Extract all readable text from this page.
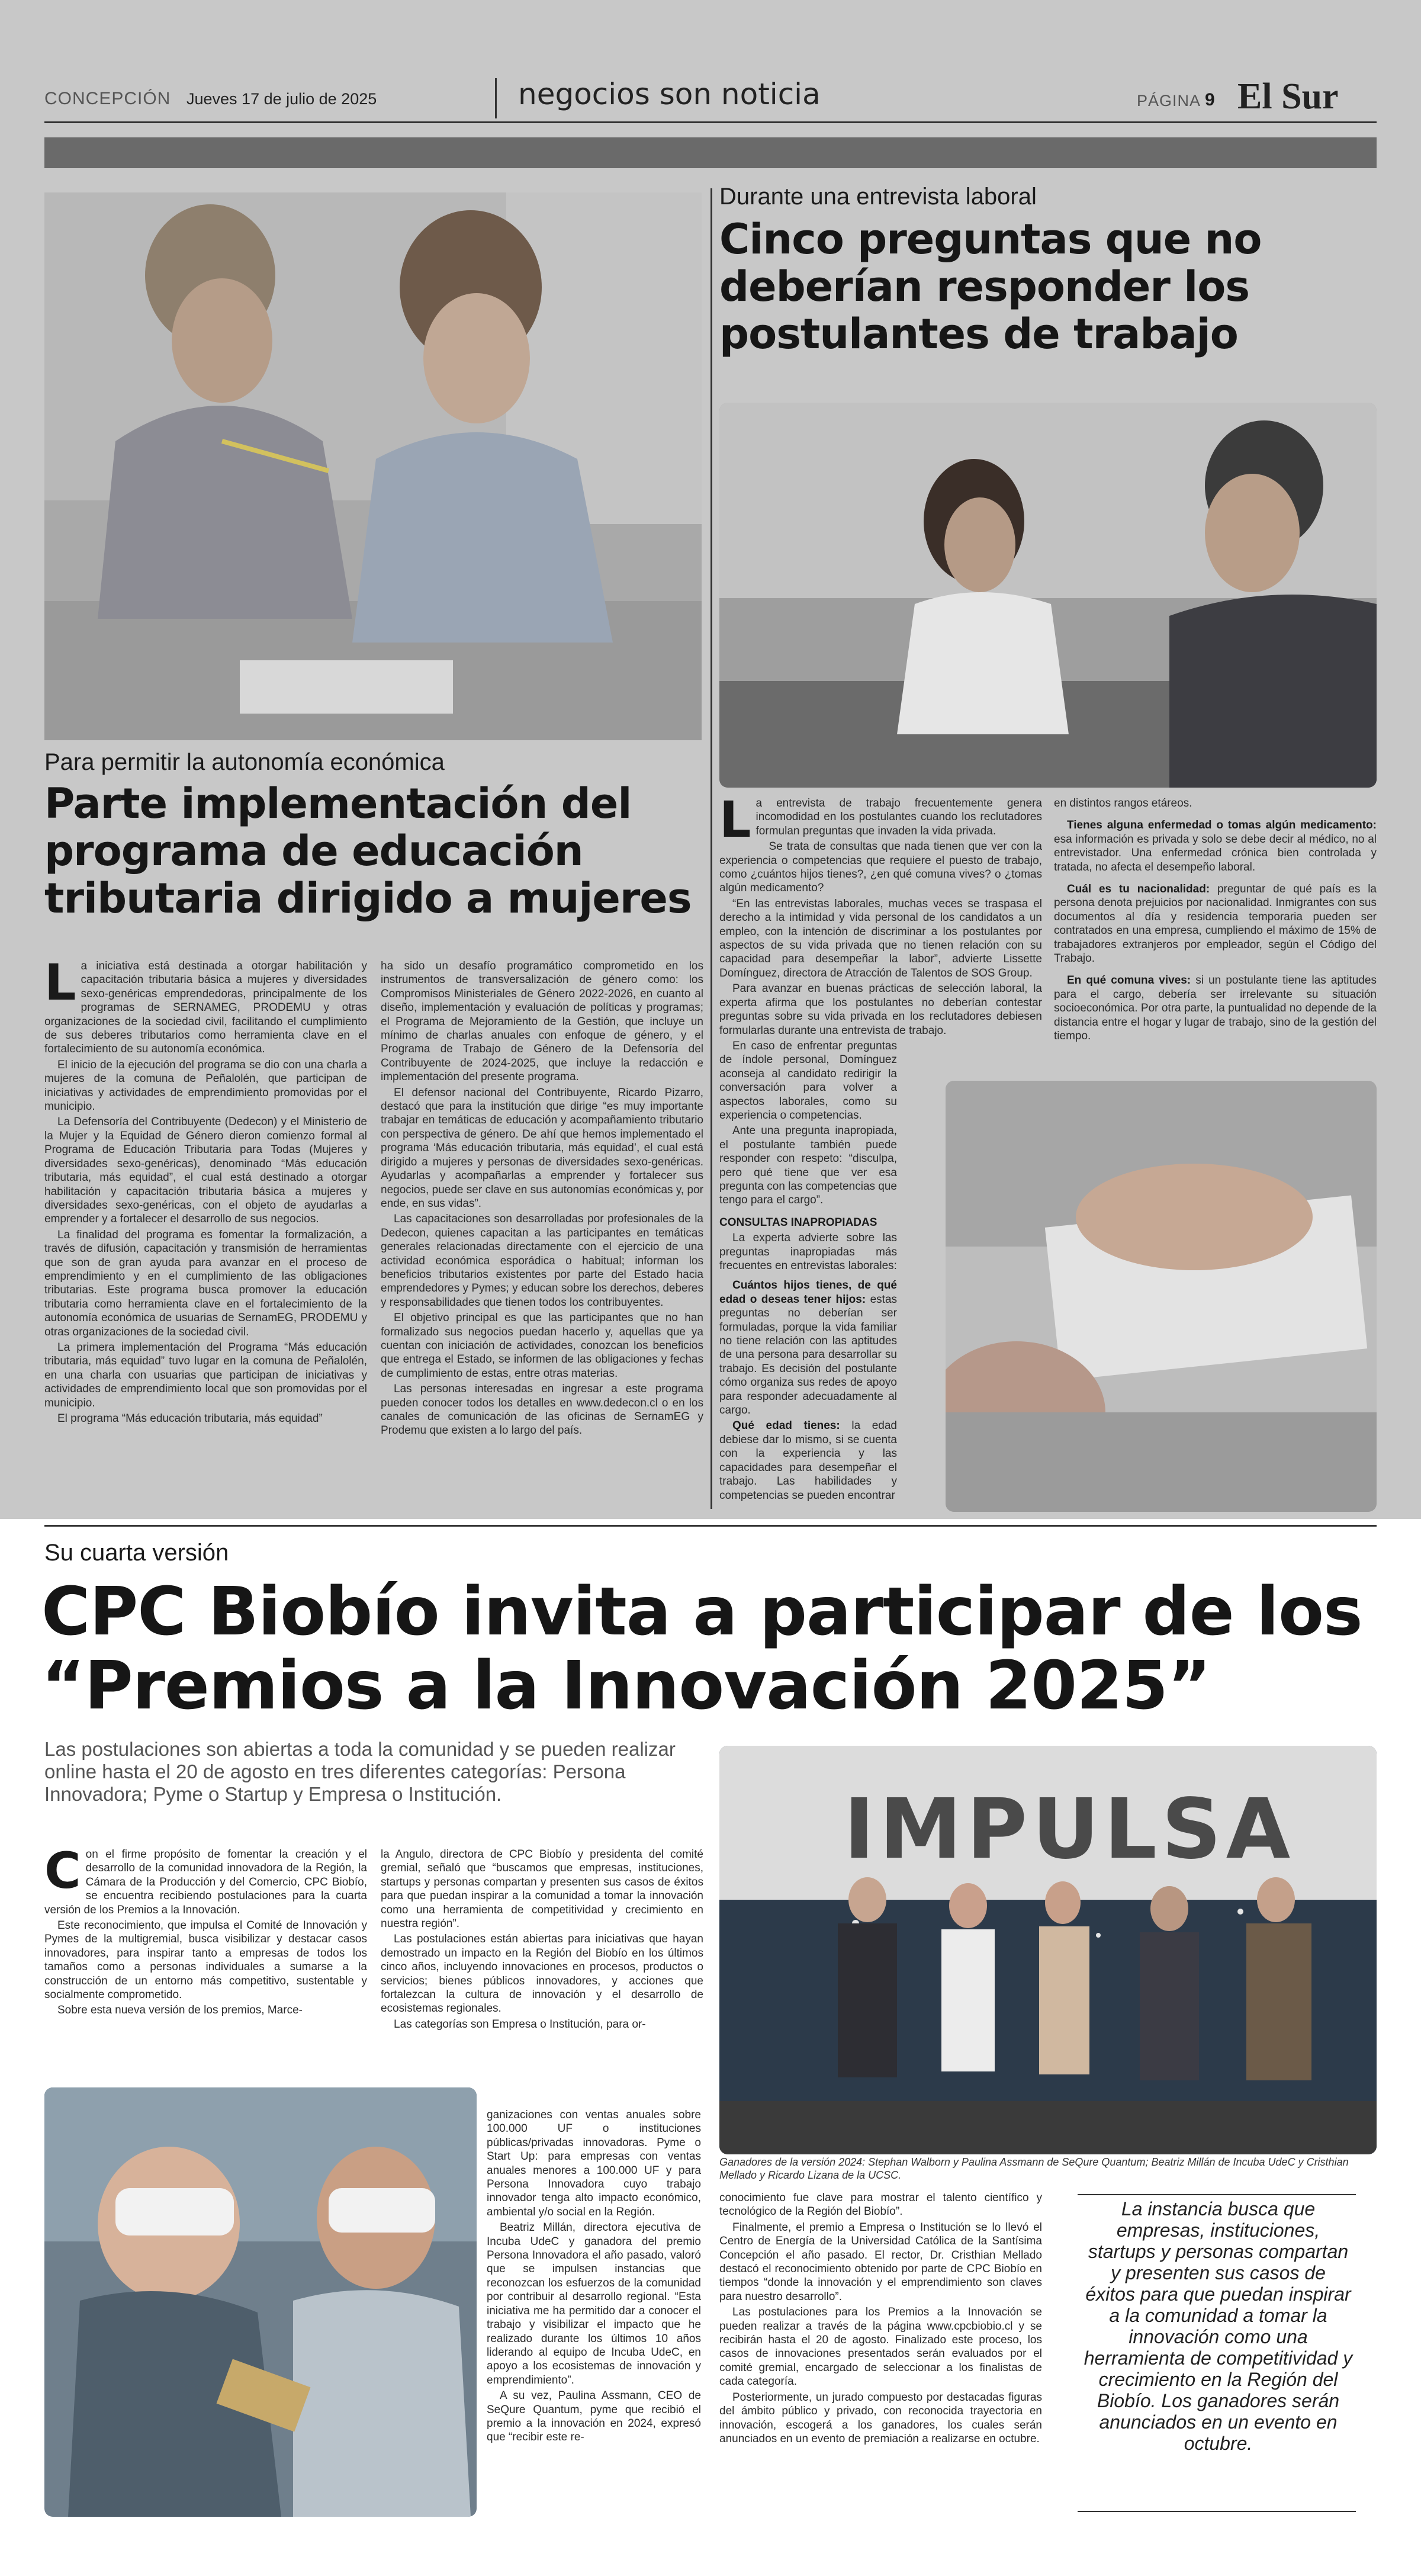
CONCEPCIÓN Jueves 17 de julio de 2025	negocios son noticia	PÁGINA 9 El Sur
Para permitir la autonomía económica
Parte implementación del programa de educación tributaria dirigido a mujeres
L a iniciativa está destinada a otorgar habilitación y capacitación tributaria básica a mujeres y diversidades sexo-genéricas emprendedoras, principalmente de los programas de SERNAMEG, PRODEMU y otras organizaciones de la sociedad civil, facilitando el cumplimiento de sus deberes tributarios como herramienta clave en el fortalecimiento de su autonomía económica.

El inicio de la ejecución del programa se dio con una charla a mujeres de la comuna de Peñalolén, que participan de iniciativas y actividades de emprendimiento promovidas por el municipio.

La Defensoría del Contribuyente (Dedecon) y el Ministerio de la Mujer y la Equidad de Género dieron comienzo formal al Programa de Educación Tributaria para Todas (Mujeres y diversidades sexo-genéricas), denominado “Más educación tributaria, más equidad”, el cual está destinado a otorgar habilitación y capacitación tributaria básica a mujeres y diversidades sexo-genéricas, con el objeto de ayudarlas a emprender y a fortalecer el desarrollo de sus negocios.

La finalidad del programa es fomentar la formalización, a través de difusión, capacitación y transmisión de herramientas que son de gran ayuda para avanzar en el proceso de emprendimiento y en el cumplimiento de las obligaciones tributarias. Este programa busca promover la educación tributaria como herramienta clave en el fortalecimiento de la autonomía económica de usuarias de SernamEG, PRODEMU y otras organizaciones de la sociedad civil.

La primera implementación del Programa “Más educación tributaria, más equidad” tuvo lugar en la comuna de Peñalolén, en una charla con usuarias que participan de iniciativas y actividades de emprendimiento local que son promovidas por el municipio.

El programa “Más educación tributaria, más equidad”

ha sido un desafío programático comprometido en los instrumentos de transversalización de género como: los Compromisos Ministeriales de Género 2022-2026, en cuanto al diseño, implementación y evaluación de políticas y programas; el Programa de Mejoramiento de la Gestión, que incluye un mínimo de charlas anuales con enfoque de género, y el Programa de Trabajo de Género de la Defensoría del Contribuyente de 2024-2025, que incluye la redacción e implementación del presente programa.

El defensor nacional del Contribuyente, Ricardo Pizarro, destacó que para la institución que dirige “es muy importante trabajar en temáticas de educación y acompañamiento tributario con perspectiva de género. De ahí que hemos implementado el programa ‘Más educación tributaria, más equidad’, el cual está dirigido a mujeres y personas de diversidades sexo-genéricas. Ayudarlas y acompañarlas a emprender y fortalecer sus negocios, puede ser clave en sus autonomías económicas y, por ende, en sus vidas”.

Las capacitaciones son desarrolladas por profesionales de la Dedecon, quienes capacitan a las participantes en temáticas generales relacionadas directamente con el ejercicio de una actividad económica esporádica o habitual; informan los beneficios tributarios existentes por parte del Estado hacia emprendedores y Pymes; y educan sobre los derechos, deberes y responsabilidades que tienen todos los contribuyentes.

El objetivo principal es que las participantes que no han formalizado sus negocios puedan hacerlo y, aquellas que ya cuentan con iniciación de actividades, conozcan los beneficios que entrega el Estado, se informen de las obligaciones y fechas de cumplimiento de estas, entre otras materias.

Las personas interesadas en ingresar a este programa pueden conocer todos los detalles en www.dedecon.cl o en los canales de comunicación de las oficinas de SernamEG y Prodemu que existen a lo largo del país.

Durante una entrevista laboral
Cinco preguntas que no deberían responder los postulantes de trabajo
L a entrevista de trabajo frecuentemente genera incomodidad en los postulantes cuando los reclutadores formulan preguntas que invaden la vida privada.

Se trata de consultas que nada tienen que ver con la experiencia o competencias que requiere el puesto de trabajo, como ¿cuántos hijos tienes?, ¿en qué comuna vives? o ¿tomas algún medicamento?

“En las entrevistas laborales, muchas veces se traspasa el derecho a la intimidad y vida personal de los candidatos a un empleo, con la intención de discriminar a los postulantes por aspectos de su vida privada que no tienen relación con su capacidad para desempeñar la labor”, advierte Lissette Domínguez, directora de Atracción de Talentos de SOS Group.

Para avanzar en buenas prácticas de selección laboral, la experta afirma que los postulantes no deberían contestar preguntas sobre su vida privada en los reclutadores debiesen formularlas durante una entrevista de trabajo.

En caso de enfrentar preguntas de índole personal, Domínguez aconseja al candidato redirigir la conversación para volver a aspectos laborales, como su experiencia o competencias.

Ante una pregunta inapropiada, el postulante también puede responder con respeto: “disculpa, pero qué tiene que ver esa pregunta con las competencias que tengo para el cargo”.

CONSULTAS INAPROPIADAS

La experta advierte sobre las preguntas inapropiadas más frecuentes en entrevistas laborales:

Cuántos hijos tienes, de qué edad o deseas tener hijos: estas preguntas no deberían ser formuladas, porque la vida familiar no tiene relación con las aptitudes de una persona para desarrollar su trabajo. Es decisión del postulante cómo organiza sus redes de apoyo para responder adecuadamente al cargo.

Qué edad tienes: la edad debiese dar lo mismo, si se cuenta con la experiencia y las capacidades para desempeñar el trabajo. Las habilidades y competencias se pueden encontrar

en distintos rangos etáreos.

Tienes alguna enfermedad o tomas algún medicamento: esa información es privada y solo se debe decir al médico, no al entrevistador. Una enfermedad crónica bien controlada y tratada, no afecta el desempeño laboral.

Cuál es tu nacionalidad: preguntar de qué país es la persona denota prejuicios por nacionalidad. Inmigrantes con sus documentos al día y residencia temporaria pueden ser contratados en una empresa, cumpliendo el máximo de 15% de trabajadores extranjeros por empleador, según el Código del Trabajo.

En qué comuna vives: si un postulante tiene las aptitudes para el cargo, debería ser irrelevante su situación socioeconómica. Por otra parte, la puntualidad no depende de la distancia entre el hogar y lugar de trabajo, sino de la gestión del tiempo.

Su cuarta versión
CPC Biobío invita a participar de los
“Premios a la Innovación 2025”
Las postulaciones son abiertas a toda la comunidad y se pueden realizar online hasta el 20 de agosto en tres diferentes categorías: Persona Innovadora; Pyme o Startup y Empresa o Institución.
C on el firme propósito de fomentar la creación y el desarrollo de la comunidad innovadora de la Región, la Cámara de la Producción y del Comercio, CPC Biobío, se encuentra recibiendo postulaciones para la cuarta versión de los Premios a la Innovación.

Este reconocimiento, que impulsa el Comité de Innovación y Pymes de la multigremial, busca visibilizar y destacar casos innovadores, para inspirar tanto a empresas de todos los tamaños como a personas individuales a sumarse a la construcción de un entorno más competitivo, sustentable y socialmente comprometido.

Sobre esta nueva versión de los premios, Marce-

la Angulo, directora de CPC Biobío y presidenta del comité gremial, señaló que “buscamos que empresas, instituciones, startups y personas compartan y presenten sus casos de éxitos para que puedan inspirar a la comunidad a tomar la innovación como una herramienta de competitividad y crecimiento en nuestra región”.

Las postulaciones están abiertas para iniciativas que hayan demostrado un impacto en la Región del Biobío en los últimos cinco años, incluyendo innovaciones en procesos, productos o servicios; bienes públicos innovadores, y acciones que fortalezcan la cultura de innovación y el desarrollo de ecosistemas regionales.

Las categorías son Empresa o Institución, para or-

ganizaciones con ventas anuales sobre 100.000 UF o instituciones públicas/privadas innovadoras. Pyme o Start Up: para empresas con ventas anuales menores a 100.000 UF y para Persona Innovadora cuyo trabajo innovador tenga alto impacto económico, ambiental y/o social en la Región.

Beatriz Millán, directora ejecutiva de Incuba UdeC y ganadora del premio Persona Innovadora el año pasado, valoró que se impulsen instancias que reconozcan los esfuerzos de la comunidad por contribuir al desarrollo regional. “Esta iniciativa me ha permitido dar a conocer el trabajo y visibilizar el impacto que he realizado durante los últimos 10 años liderando al equipo de Incuba UdeC, en apoyo a los ecosistemas de innovación y emprendimiento”.

A su vez, Paulina Assmann, CEO de SeQure Quantum, pyme que recibió el premio a la innovación en 2024, expresó que “recibir este re-

IMPULSA
Ganadores de la versión 2024: Stephan Walborn y Paulina Assmann de SeQure Quantum; Beatriz Millán de Incuba UdeC y Cristhian Mellado y Ricardo Lizana de la UCSC.

conocimiento fue clave para mostrar el talento científico y tecnológico de la Región del Biobío”.

Finalmente, el premio a Empresa o Institución se lo llevó el Centro de Energía de la Universidad Católica de la Santísima Concepción el año pasado. El rector, Dr. Cristhian Mellado destacó el reconocimiento obtenido por parte de CPC Biobío en tiempos “donde la innovación y el emprendimiento son claves para nuestro desarrollo”.

Las postulaciones para los Premios a la Innovación se pueden realizar a través de la página www.cpcbiobio.cl y se recibirán hasta el 20 de agosto. Finalizado este proceso, los casos de innovaciones presentados serán evaluados por el comité gremial, encargado de seleccionar a los finalistas de cada categoría.

Posteriormente, un jurado compuesto por destacadas figuras del ámbito público y privado, con reconocida trayectoria en innovación, escogerá a los ganadores, los cuales serán anunciados en un evento de premiación a realizarse en octubre.

La instancia busca que empresas, instituciones, startups y personas compartan y presenten sus casos de éxitos para que puedan inspirar a la comunidad a tomar la innovación como una herramienta de competitividad y crecimiento en la Región del Biobío. Los ganadores serán anunciados en un evento en octubre.
